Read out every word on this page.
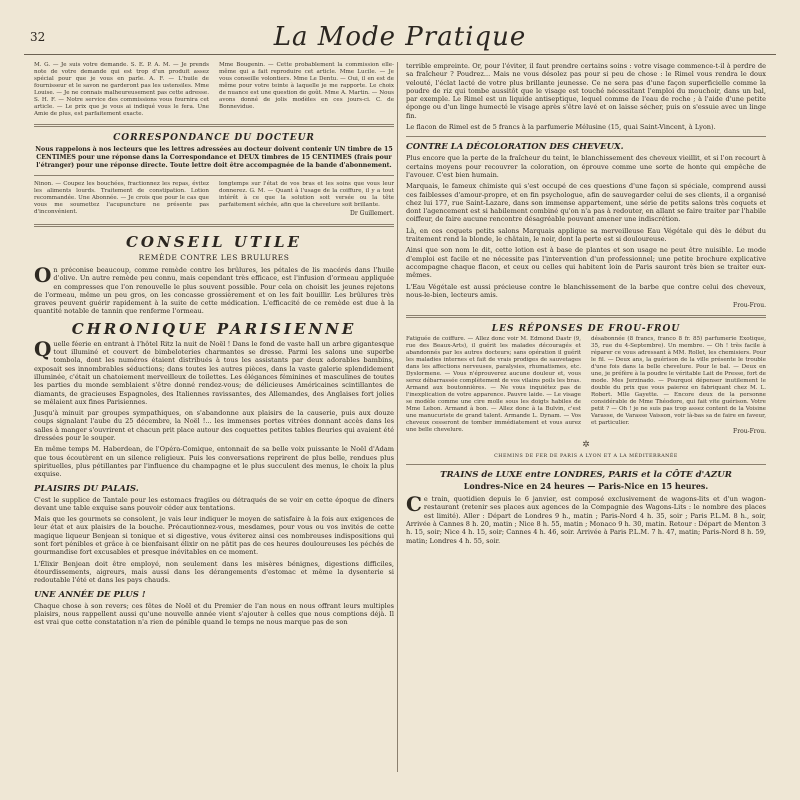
32	La Mode Pratique

M. G. — Je suis votre demande. S. E. P. A. M. — Je prends note de votre demande qui est trop d'un produit assez spécial pour que je vous en parle. A. F. — L'huile de fournisseur et le savon ne garderont pas les ustensiles. Mme Louise. — Je ne connais malheureusement pas cette adresse. S. H. F. — Notre service des commissions vous fournira cet article. — Le prix que je vous ai indiqué vous le fera. Une Amie de plus, est parfaitement exacte.

Mme Bougenin. — Cette probablement la commission elle-même qui a fait reproduire cet article. Mme Lucile. — Je vous conseille volontiers. Mme Le Dentu. — Oui, il en est de même pour votre teinte à laquelle je me rapporte. Le choix de nuance est une question de goût. Mme A. Martin. — Nous avons donné de jolis modèles en ces jours-ci. C. de Bonnevidue.

CORRESPONDANCE DU DOCTEUR
Nous rappelons à nos lecteurs que les lettres adressées au docteur doivent contenir UN timbre de 15 CENTIMES pour une réponse dans la Correspondance et DEUX timbres de 15 CENTIMES (frais pour l'étranger) pour une réponse directe. Toute lettre doit être accompagnée de la bande d'abonnement.

Ninon. — Coupez les bouchées, fractionnez les repas, évitez les aliments lourds. Traitement de constipation. Lotion recommandée. Une Abonnée. — Je crois que pour le cas que vous me soumettez l'acupuncture ne présente pas d'inconvénient.

longtemps sur l'état de vos bras et les soins que vous leur donnerez. G. M. — Quant à l'usage de la coiffure, il y a tout intérêt à ce que la solution soit versée ou la tête parfaitement séchée, afin que la chevelure soit brillante.

Dr Guillemert.
CONSEIL UTILE
REMÈDE CONTRE LES BRULURES

On préconise beaucoup, comme remède contre les brûlures, les pétales de lis macérés dans l'huile d'olive. Un autre remède peu connu, mais cependant très efficace, est l'infusion d'ormeau appliquée en compresses que l'on renouvelle le plus souvent possible. Pour cela on choisit les jeunes rejetons de l'ormeau, même un peu gros, on les concasse grossièrement et on les fait bouillir. Les brûlures très graves peuvent guérir rapidement à la suite de cette médication. L'efficacité de ce remède est due à la quantité notable de tannin que renferme l'ormeau.

CHRONIQUE PARISIENNE

Quelle féerie en entrant à l'hôtel Ritz la nuit de Noël ! Dans le fond de vaste hall un arbre gigantesque tout illuminé et couvert de bimbeloteries charmantes se dresse. Parmi les salons une superbe tombola, dont les numéros étaient distribués à tous les assistants par deux adorables bambins, exposait ses innombrables séductions; dans toutes les autres pièces, dans la vaste galerie splendidement illuminée, c'était un chatoiement merveilleux de toilettes. Les élégances féminines et masculines de toutes les parties du monde semblaient s'être donné rendez-vous; de délicieuses Américaines scintillantes de diamants, de gracieuses Espagnoles, des Italiennes ravissantes, des Allemandes, des Anglaises fort jolies se mêlaient aux fines Parisiennes.

Jusqu'à minuit par groupes sympathiques, on s'abandonne aux plaisirs de la causerie, puis aux douze coups signalant l'aube du 25 décembre, la Noël !... les immenses portes vitrées donnant accès dans les salles à manger s'ouvrirent et chacun prit place autour des coquettes petites tables fleuries qui avaient été dressées pour le souper.

En même temps M. Haberdean, de l'Opéra-Comique, entonnait de sa belle voix puissante le Noël d'Adam que tous écoutèrent en un silence religieux. Puis les conversations reprirent de plus belle, rendues plus spirituelles, plus pétillantes par l'influence du champagne et le plus succulent des menus, le choix la plus exquise.

PLAISIRS DU PALAIS.

C'est le supplice de Tantale pour les estomacs fragiles ou détraqués de se voir en cette époque de dîners devant une table exquise sans pouvoir céder aux tentations.

Mais que les gourmets se consolent, je vais leur indiquer le moyen de satisfaire à la fois aux exigences de leur état et aux plaisirs de la bouche. Précautionnez-vous, mesdames, pour vous ou vos invités de cette magique liqueur Benjean si tonique et si digestive, vous éviterez ainsi ces nombreuses indispositions qui sont fort pénibles et grâce à ce bienfaisant élixir on ne pâtit pas de ces heures douloureuses les péchés de gourmandise fort excusables et presque inévitables en ce moment.

L'Élixir Benjean doit être employé, non seulement dans les misères bénignes, digestions difficiles, étourdissements, aigreurs, mais aussi dans les dérangements d'estomac et même la dysenterie si redoutable l'été et dans les pays chauds.

UNE ANNÉE DE PLUS !

Chaque chose à son revers; ces fêtes de Noël et du Premier de l'an nous en nous offrant leurs multiples plaisirs, nous rappellent aussi qu'une nouvelle année vient s'ajouter à celles que nous comptions déjà. Il est vrai que cette constatation n'a rien de pénible quand le temps ne nous marque pas de son

terrible empreinte. Or, pour l'éviter, il faut prendre certains soins : votre visage commence-t-il à perdre de sa fraîcheur ? Poudrez... Mais ne vous désolez pas pour si peu de chose : le Rimel vous rendra le doux velouté, l'éclat lacté de votre plus brillante jeunesse. Ce ne sera pas d'une façon superficielle comme la poudre de riz qui tombe aussitôt que le visage est touché nécessitant l'emploi du mouchoir, dans un bal, par exemple. Le Rimel est un liquide antiseptique, lequel comme de l'eau de roche ; à l'aide d'une petite éponge ou d'un linge humecté le visage après s'être lavé et on laisse sécher, puis on s'essuie avec un linge fin.

Le flacon de Rimel est de 5 francs à la parfumerie Mélusine (15, quai Saint-Vincent, à Lyon).

CONTRE LA DÉCOLORATION DES CHEVEUX.

Plus encore que la perte de la fraîcheur du teint, le blanchissement des cheveux vieillit, et si l'on recourt à certains moyens pour recouvrer la coloration, on éprouve comme une sorte de honte qui empêche de l'avouer. C'est bien humain.

Marquais, le fameux chimiste qui s'est occupé de ces questions d'une façon si spéciale, comprend aussi ces faiblesses d'amour-propre, et en fin psychologue, afin de sauvegarder celui de ses clients, il a organisé chez lui 177, rue Saint-Lazare, dans son immense appartement, une série de petits salons très coquets et dont l'agencement est si habilement combiné qu'on n'a pas à redouter, en allant se faire traiter par l'habile coiffeur, de faire aucune rencontre désagréable pouvant amener une indiscrétion.

Là, en ces coquets petits salons Marquais applique sa merveilleuse Eau Végétale qui dès le début du traitement rend la blonde, le châtain, le noir, dont la perte est si douloureuse.

Ainsi que son nom le dit, cette lotion est à base de plantes et son usage ne peut être nuisible. Le mode d'emploi est facile et ne nécessite pas l'intervention d'un professionnel; une petite brochure explicative accompagne chaque flacon, et ceux ou celles qui habitent loin de Paris sauront très bien se traiter eux-mêmes.

L'Eau Végétale est aussi précieuse contre le blanchissement de la barbe que contre celui des cheveux, nous-le-bien, lecteurs amis.

Frou-Frou.
LES RÉPONSES DE FROU-FROU

Fatiguée de coiffure. — Allez donc voir M. Edmond Dastr (9, rue des Beaux-Arts), il guérit les malades découragés et abandonnés par les autres docteurs; sans opération il guérit les maladies internes et fait de vrais prodiges de sauvetages dans les affections nerveuses, paralysies, rhumatismes, etc. Dyslormene. — Vous n'éprouverez aucune douleur et, vous serez débarrassée complètement de vos vilains poils les bras. Armand aux boutonnières. — Ne vous inquiétez pas de l'inexplication de votre apparence. Pauvre laide. — Le visage se modèle comme une cire molle sous les doigts habiles de Mme Lebon. Armand à bon. — Allez donc à la Bulvin, c'est une manucuriste de grand talent. Armande L. Dynam. — Vos cheveux cesseront de tomber immédiatement et vous aurez une belle chevelure.

désabonnée (8 francs, franco 8 fr. 85) parfumerie Exotique, 35, rue du 4-Septembre). Un membre. — Oh ! très facile à réparer ce vous adressant à MM. Rollet, les chemisiers. Pour le fil. — Deux ans, la guérison de la ville présente le trouble d'une fois dans la belle chevelure. Pour le bal. — Deux en une, je préfère à la poudre le véritable Lait de Presse, fort de mode. Mes Jerzinado. — Pourquoi dépenser inutilement le double du prix que vous paierez en fabriquant chez M. L. Robert. Mlle Gayette. — Encore deux de la personne considérable de Mme Théodore, qui fait vite guérison. Votre petit ? — Oh ! je ne suis pas trop assez content de la Voisine Varasse, de Varasse Vaisson, voir là-bas sa de faire en faveur, et particulier.

Frou-Frou.
✲
CHEMINS DE FER DE PARIS A LYON ET A LA MÉDITERRANÉE
TRAINS de LUXE entre LONDRES, PARIS et la CÔTE d'AZUR
Londres-Nice en 24 heures — Paris-Nice en 15 heures.

Ce train, quotidien depuis le 6 janvier, est composé exclusivement de wagons-lits et d'un wagon-restaurant (retenir ses places aux agences de la Compagnie des Wagons-Lits : le nombre des places est limité). Aller : Départ de Londres 9 h., matin ; Paris-Nord 4 h. 35, soir ; Paris P.L.M. 8 h., soir, Arrivée à Cannes 8 h. 20, matin ; Nice 8 h. 55, matin ; Monaco 9 h. 30, matin. Retour : Départ de Menton 3 h. 15, soir; Nice 4 h. 15, soir; Cannes 4 h. 46, soir. Arrivée à Paris P.L.M. 7 h. 47, matin; Paris-Nord 8 h. 59, matin; Londres 4 h. 55, soir.
